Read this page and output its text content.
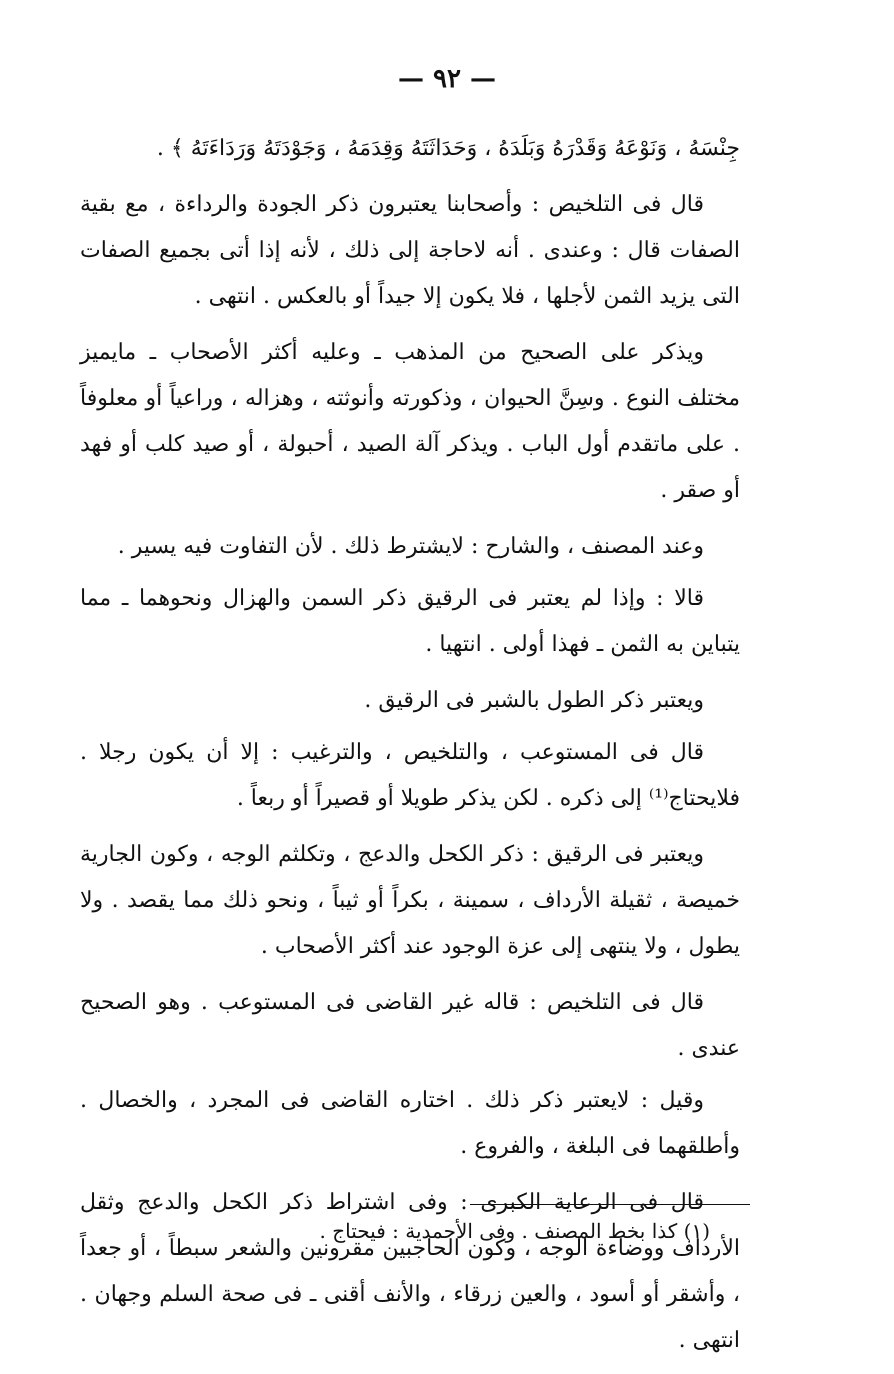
— ٩٢ —

جِنْسَهُ ، وَنَوْعَهُ وَقَدْرَهُ وَبَلَدَهُ ، وَحَدَاثَتَهُ وَقِدَمَهُ ، وَجَوْدَتَهُ وَرَدَاءَتَهُ ﴾ .

قال فى التلخيص : وأصحابنا يعتبرون ذكر الجودة والرداءة ، مع بقية الصفات قال : وعندى . أنه لاحاجة إلى ذلك ، لأنه إذا أتى بجميع الصفات التى يزيد الثمن لأجلها ، فلا يكون إلا جيداً أو بالعكس . انتهى .

ويذكر على الصحيح من المذهب ـ وعليه أكثر الأصحاب ـ مايميز مختلف النوع . وسِنَّ الحيوان ، وذكورته وأنوثته ، وهزاله ، وراعياً أو معلوفاً . على ماتقدم أول الباب . ويذكر آلة الصيد ، أحبولة ، أو صيد كلب أو فهد أو صقر .

وعند المصنف ، والشارح : لايشترط ذلك . لأن التفاوت فيه يسير .

قالا : وإذا لم يعتبر فى الرقيق ذكر السمن والهزال ونحوهما ـ مما يتباين به الثمن ـ فهذا أولى . انتهيا .

ويعتبر ذكر الطول بالشبر فى الرقيق .

قال فى المستوعب ، والتلخيص ، والترغيب : إلا أن يكون رجلا . فلايحتاج⁽¹⁾ إلى ذكره . لكن يذكر طويلا أو قصيراً أو ربعاً .

ويعتبر فى الرقيق : ذكر الكحل والدعج ، وتكلثم الوجه ، وكون الجارية خميصة ، ثقيلة الأرداف ، سمينة ، بكراً أو ثيباً ، ونحو ذلك مما يقصد . ولا يطول ، ولا ينتهى إلى عزة الوجود عند أكثر الأصحاب .

قال فى التلخيص : قاله غير القاضى فى المستوعب . وهو الصحيح عندى .

وقيل : لايعتبر ذكر ذلك . اختاره القاضى فى المجرد ، والخصال . وأطلقهما فى البلغة ، والفروع .

قال فى الرعاية الكبرى : وفى اشتراط ذكر الكحل والدعج وثقل الأرداف ووضاءة الوجه ، وكون الحاجبين مقرونين والشعر سبطاً ، أو جعداً ، وأشقر أو أسود ، والعين زرقاء ، والأنف أقنى ـ فى صحة السلم وجهان . انتهى .

(١) كذا بخط المصنف . وفى الأحمدية : فيحتاج .
